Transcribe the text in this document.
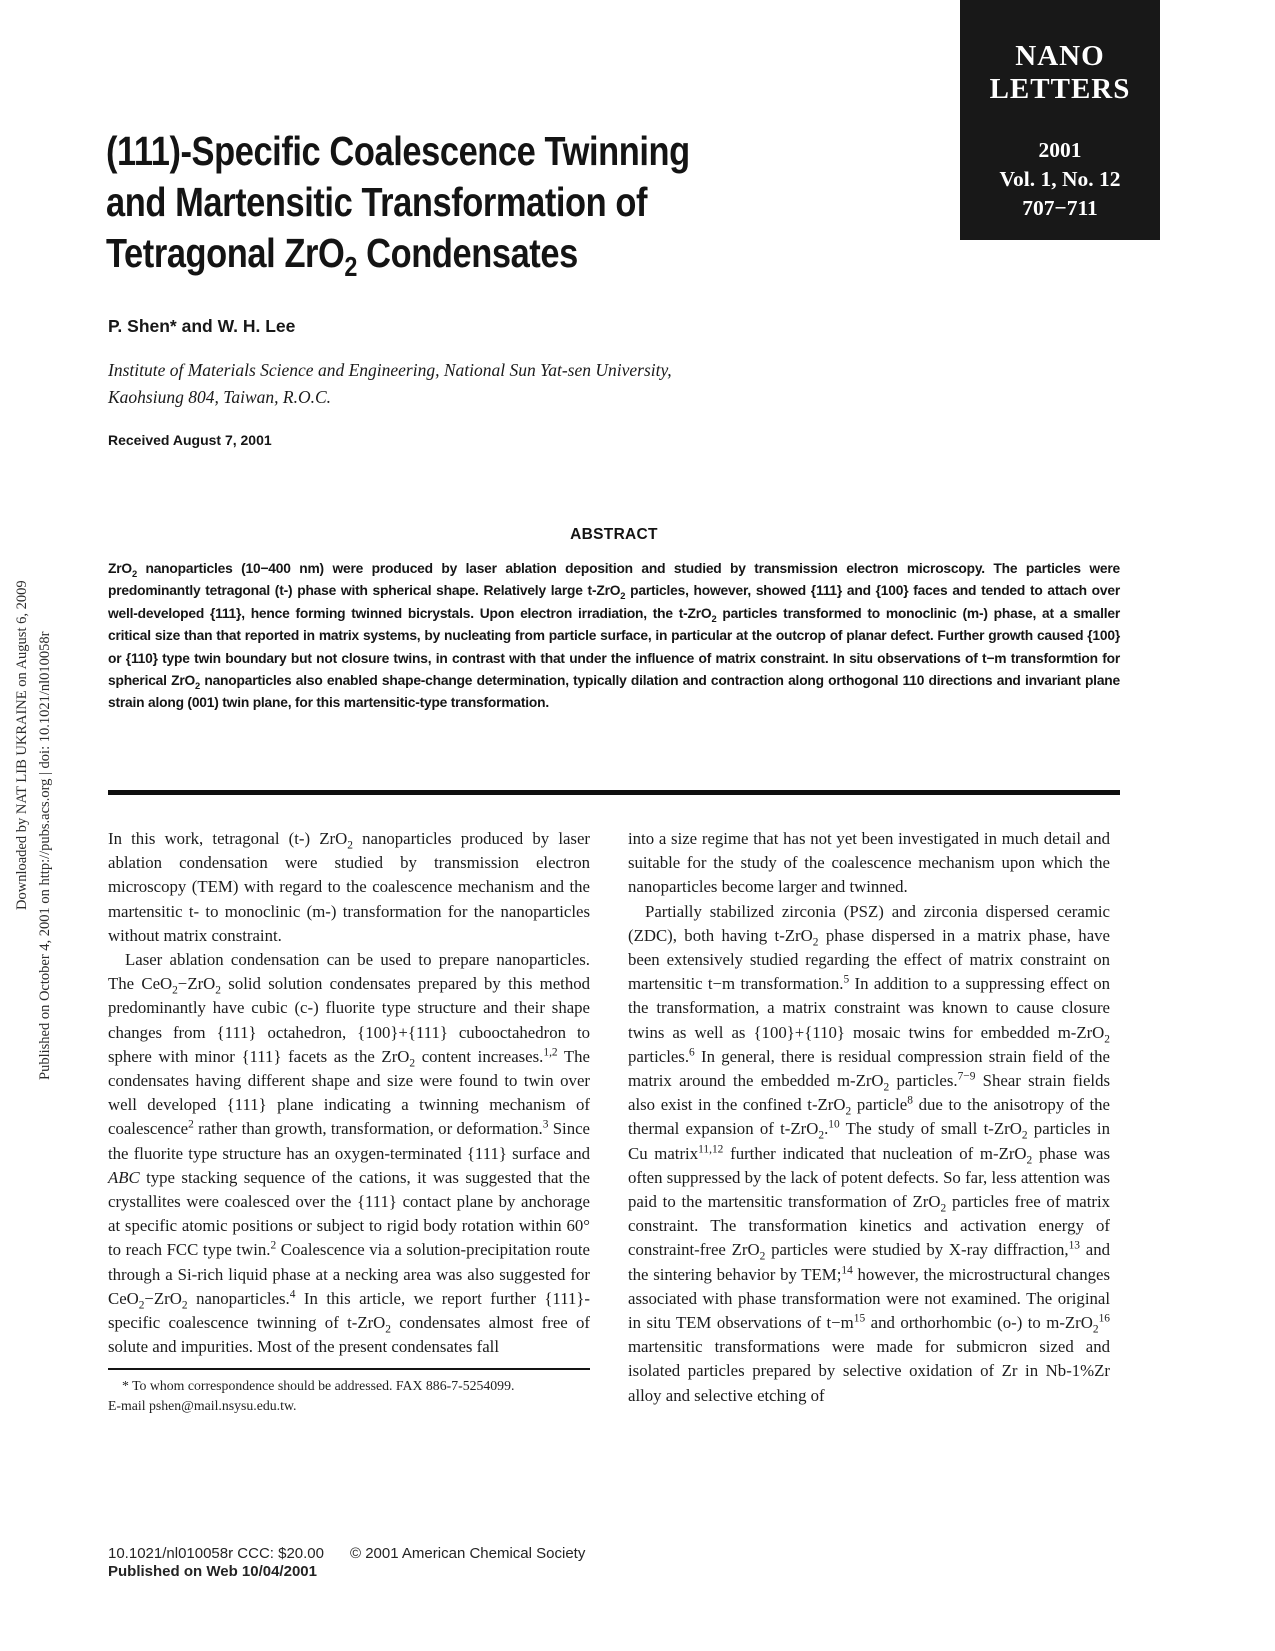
Downloaded by NAT LIB UKRAINE on August 6, 2009 Published on October 4, 2001 on http://pubs.acs.org | doi: 10.1021/nl010058r
NANO
LETTERS
2001
Vol. 1, No. 12
707−711
(111)-Specific Coalescence Twinning
and Martensitic Transformation of
Tetragonal ZrO$_2$ Condensates
P. Shen* and W. H. Lee
Institute of Materials Science and Engineering, National Sun Yat-sen University,
Kaohsiung 804, Taiwan, R.O.C.
Received August 7, 2001
ABSTRACT
ZrO$_2$ nanoparticles (10−400 nm) were produced by laser ablation deposition and studied by transmission electron microscopy. The particles were predominantly tetragonal (t-) phase with spherical shape. Relatively large t-ZrO$_2$ particles, however, showed {111} and {100} faces and tended to attach over well-developed {111}, hence forming twinned bicrystals. Upon electron irradiation, the t-ZrO$_2$ particles transformed to monoclinic (m-) phase, at a smaller critical size than that reported in matrix systems, by nucleating from particle surface, in particular at the outcrop of planar defect. Further growth caused {100} or {110} type twin boundary but not closure twins, in contrast with that under the influence of matrix constraint. In situ observations of t−m transformtion for spherical ZrO$_2$ nanoparticles also enabled shape-change determination, typically dilation and contraction along orthogonal 110 directions and invariant plane strain along (001) twin plane, for this martensitic-type transformation.
In this work, tetragonal (t-) ZrO$_2$ nanoparticles produced by laser ablation condensation were studied by transmission electron microscopy (TEM) with regard to the coalescence mechanism and the martensitic t- to monoclinic (m-) transformation for the nanoparticles without matrix constraint.
Laser ablation condensation can be used to prepare nanoparticles. The CeO$_2$−ZrO$_2$ solid solution condensates prepared by this method predominantly have cubic (c-) fluorite type structure and their shape changes from {111} octahedron, {100}+{111} cubooctahedron to sphere with minor {111} facets as the ZrO$_2$ content increases.$^{1,2}$ The condensates having different shape and size were found to twin over well developed {111} plane indicating a twinning mechanism of coalescence$^2$ rather than growth, transformation, or deformation.$^3$ Since the fluorite type structure has an oxygen-terminated {111} surface and ABC type stacking sequence of the cations, it was suggested that the crystallites were coalesced over the {111} contact plane by anchorage at specific atomic positions or subject to rigid body rotation within 60° to reach FCC type twin.$^2$ Coalescence via a solution-precipitation route through a Si-rich liquid phase at a necking area was also suggested for CeO$_2$−ZrO$_2$ nanoparticles.$^4$ In this article, we report further {111}-specific coalescence twinning of t-ZrO$_2$ condensates almost free of solute and impurities. Most of the present condensates fall
* To whom correspondence should be addressed. FAX 886-7-5254099.
E-mail pshen@mail.nsysu.edu.tw.
into a size regime that has not yet been investigated in much detail and suitable for the study of the coalescence mechanism upon which the nanoparticles become larger and twinned.
Partially stabilized zirconia (PSZ) and zirconia dispersed ceramic (ZDC), both having t-ZrO$_2$ phase dispersed in a matrix phase, have been extensively studied regarding the effect of matrix constraint on martensitic t−m transformation.$^5$ In addition to a suppressing effect on the transformation, a matrix constraint was known to cause closure twins as well as {100}+{110} mosaic twins for embedded m-ZrO$_2$ particles.$^6$ In general, there is residual compression strain field of the matrix around the embedded m-ZrO$_2$ particles.$^{7-9}$ Shear strain fields also exist in the confined t-ZrO$_2$ particle$^8$ due to the anisotropy of the thermal expansion of t-ZrO$_2$.$^{10}$ The study of small t-ZrO$_2$ particles in Cu matrix$^{11,12}$ further indicated that nucleation of m-ZrO$_2$ phase was often suppressed by the lack of potent defects. So far, less attention was paid to the martensitic transformation of ZrO$_2$ particles free of matrix constraint. The transformation kinetics and activation energy of constraint-free ZrO$_2$ particles were studied by X-ray diffraction,$^{13}$ and the sintering behavior by TEM;$^{14}$ however, the microstructural changes associated with phase transformation were not examined. The original in situ TEM observations of $t-m^{15}$ and orthorhombic (o-) to m-ZrO$_2^{16}$ martensitic transformations were made for submicron sized and isolated particles prepared by selective oxidation of Zr in Nb-1%Zr alloy and selective etching of
10.1021/nl010058r CCC: $20.00 © 2001 American Chemical Society
Published on Web 10/04/2001
